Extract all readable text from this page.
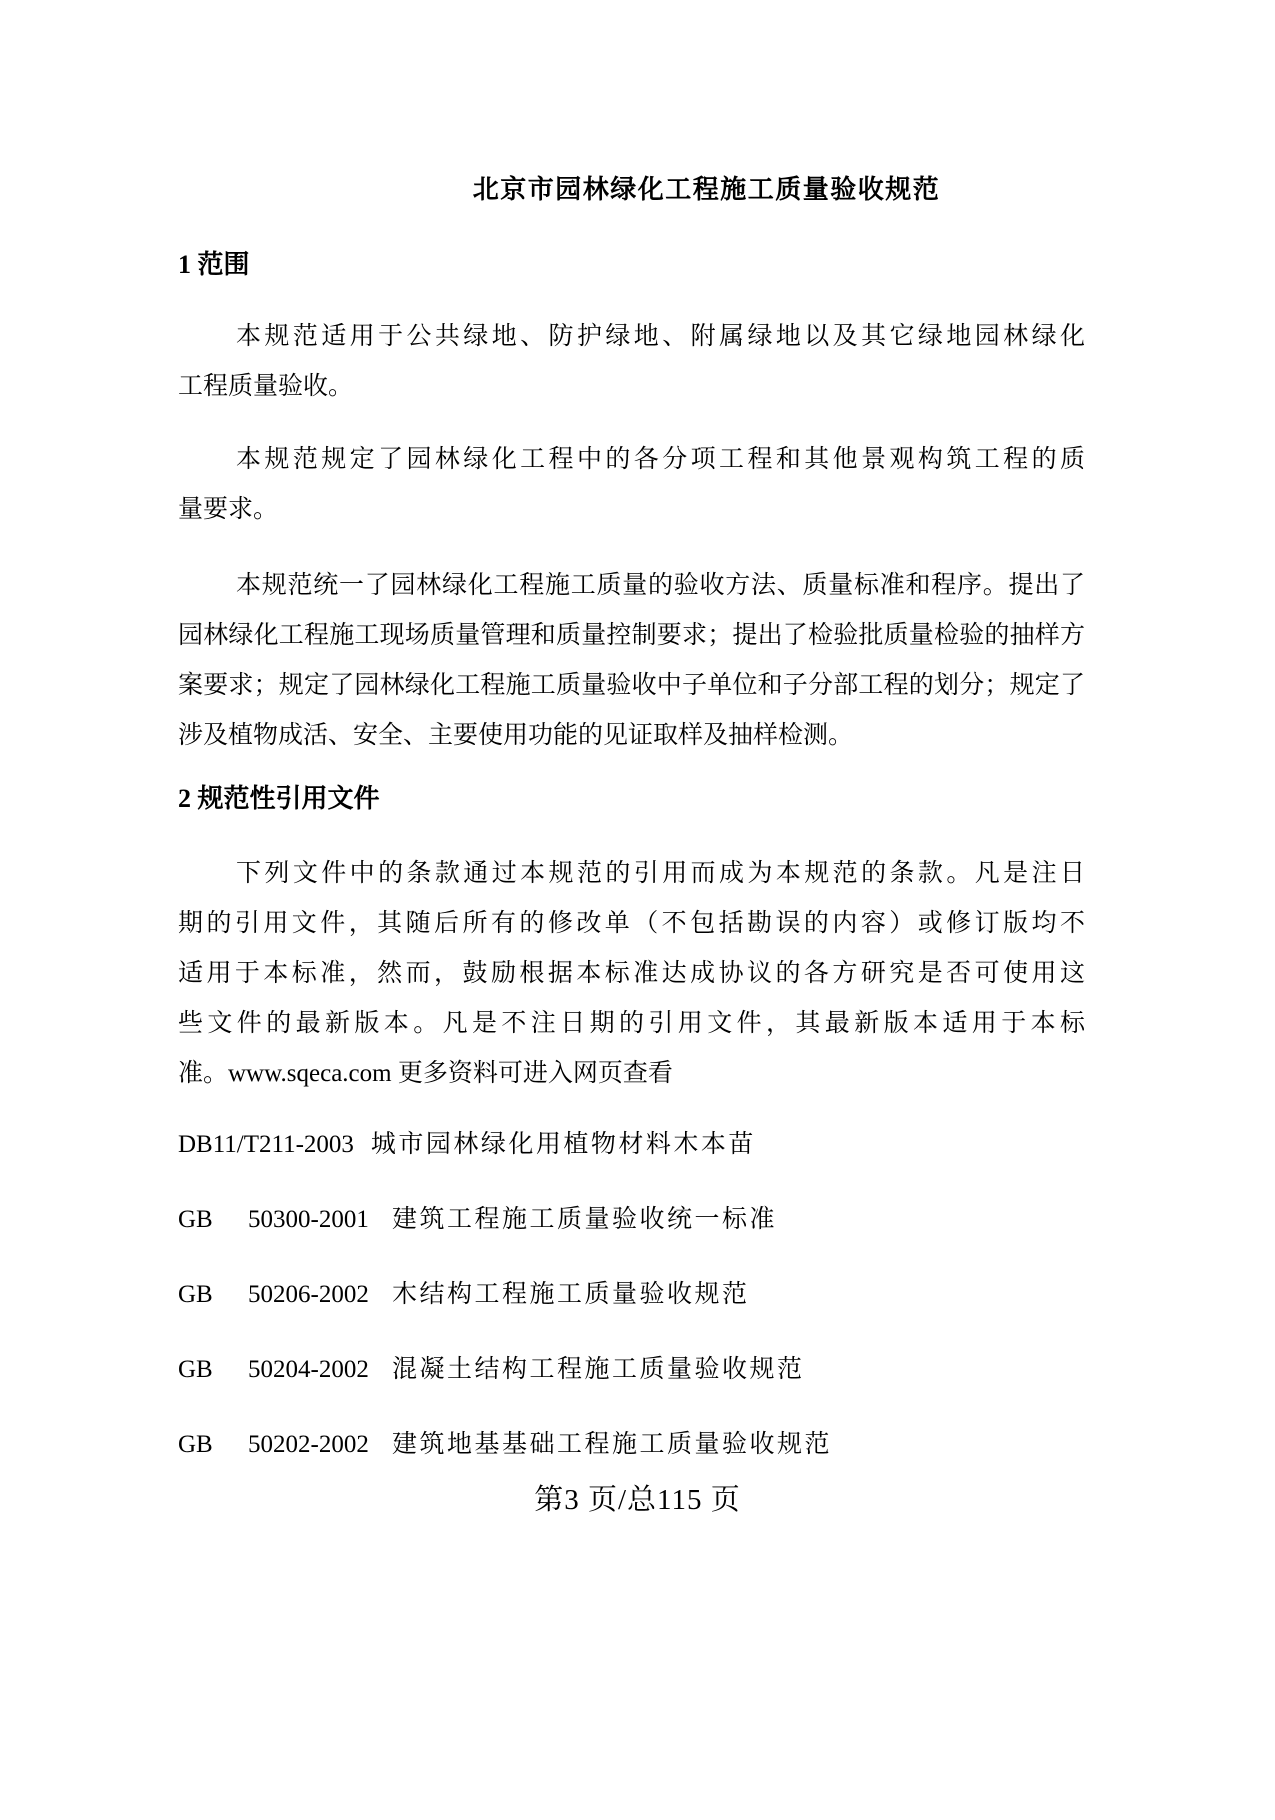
北京市园林绿化工程施工质量验收规范
1 范围
本规范适用于公共绿地、防护绿地、附属绿地以及其它绿地园林绿化
工程质量验收。
本规范规定了园林绿化工程中的各分项工程和其他景观构筑工程的质
量要求。
本规范统一了园林绿化工程施工质量的验收方法、质量标准和程序。提出了
园林绿化工程施工现场质量管理和质量控制要求；提出了检验批质量检验的抽样方
案要求；规定了园林绿化工程施工质量验收中子单位和子分部工程的划分；规定了
涉及植物成活、安全、主要使用功能的见证取样及抽样检测。
2 规范性引用文件
下列文件中的条款通过本规范的引用而成为本规范的条款。凡是注日
期的引用文件，其随后所有的修改单（不包括勘误的内容）或修订版均不
适用于本标准，然而，鼓励根据本标准达成协议的各方研究是否可使用这
些文件的最新版本。凡是不注日期的引用文件，其最新版本适用于本标
准。www.sqeca.com 更多资料可进入网页查看
DB11/T211-2003 城市园林绿化用植物材料木本苗
GB 50300-2001 建筑工程施工质量验收统一标准
GB 50206-2002 木结构工程施工质量验收规范
GB 50204-2002 混凝土结构工程施工质量验收规范
GB 50202-2002 建筑地基基础工程施工质量验收规范
第3 页/总115 页
